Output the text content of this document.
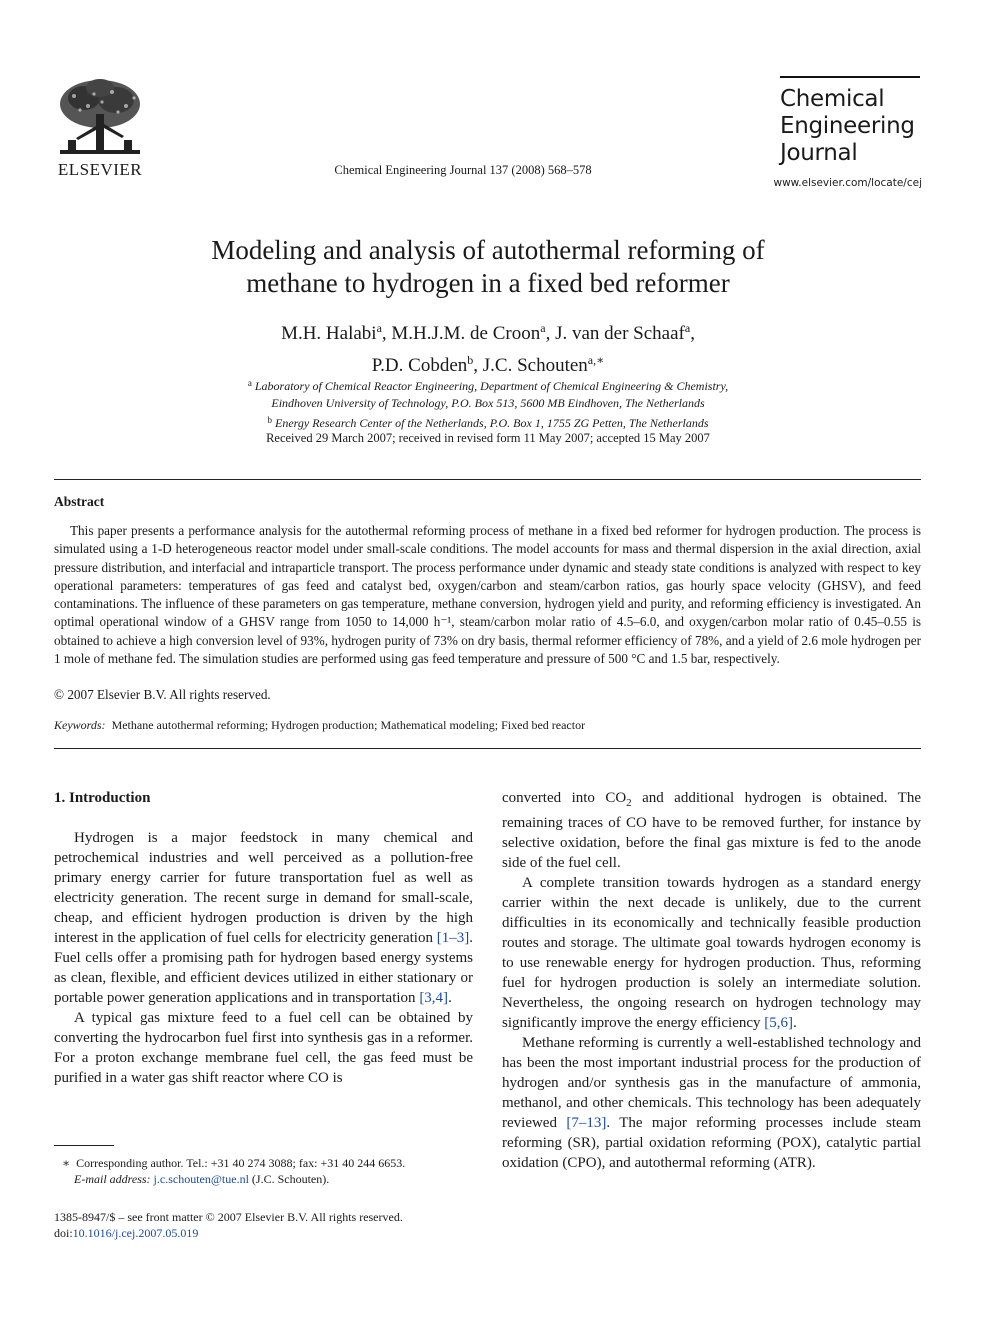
ELSEVIER	Chemical Engineering Journal 137 (2008) 568–578
Chemical
Engineering
Journal
www.elsevier.com/locate/cej
Modeling and analysis of autothermal reforming of
methane to hydrogen in a fixed bed reformer
M.H. Halabi$^a$, M.H.J.M. de Croon$^a$, J. van der Schaaf$^a$,
P.D. Cobden$^b$, J.C. Schouten$^{a,∗}$
$^a$ Laboratory of Chemical Reactor Engineering, Department of Chemical Engineering & Chemistry,
Eindhoven University of Technology, P.O. Box 513, 5600 MB Eindhoven, The Netherlands
$^b$ Energy Research Center of the Netherlands, P.O. Box 1, 1755 ZG Petten, The Netherlands
Received 29 March 2007; received in revised form 11 May 2007; accepted 15 May 2007
Abstract

This paper presents a performance analysis for the autothermal reforming process of methane in a fixed bed reformer for hydrogen production. The process is simulated using a 1-D heterogeneous reactor model under small-scale conditions. The model accounts for mass and thermal dispersion in the axial direction, axial pressure distribution, and interfacial and intraparticle transport. The process performance under dynamic and steady state conditions is analyzed with respect to key operational parameters: temperatures of gas feed and catalyst bed, oxygen/carbon and steam/carbon ratios, gas hourly space velocity (GHSV), and feed contaminations. The influence of these parameters on gas temperature, methane conversion, hydrogen yield and purity, and reforming efficiency is investigated. An optimal operational window of a GHSV range from 1050 to 14,000 h⁻¹, steam/carbon molar ratio of 4.5–6.0, and oxygen/carbon molar ratio of 0.45–0.55 is obtained to achieve a high conversion level of 93%, hydrogen purity of 73% on dry basis, thermal reformer efficiency of 78%, and a yield of 2.6 mole hydrogen per 1 mole of methane fed. The simulation studies are performed using gas feed temperature and pressure of 500 °C and 1.5 bar, respectively.

© 2007 Elsevier B.V. All rights reserved.
Keywords: Methane autothermal reforming; Hydrogen production; Mathematical modeling; Fixed bed reactor

1. Introduction

Hydrogen is a major feedstock in many chemical and petrochemical industries and well perceived as a pollution-free primary energy carrier for future transportation fuel as well as electricity generation. The recent surge in demand for small-scale, cheap, and efficient hydrogen production is driven by the high interest in the application of fuel cells for electricity generation [1–3]. Fuel cells offer a promising path for hydrogen based energy systems as clean, flexible, and efficient devices utilized in either stationary or portable power generation applications and in transportation [3,4].

A typical gas mixture feed to a fuel cell can be obtained by converting the hydrocarbon fuel first into synthesis gas in a reformer. For a proton exchange membrane fuel cell, the gas feed must be purified in a water gas shift reactor where CO is

converted into $CO_2$ and additional hydrogen is obtained. The remaining traces of CO have to be removed further, for instance by selective oxidation, before the final gas mixture is fed to the anode side of the fuel cell.

A complete transition towards hydrogen as a standard energy carrier within the next decade is unlikely, due to the current difficulties in its economically and technically feasible production routes and storage. The ultimate goal towards hydrogen economy is to use renewable energy for hydrogen production. Thus, reforming fuel for hydrogen production is solely an intermediate solution. Nevertheless, the ongoing research on hydrogen technology may significantly improve the energy efficiency [5,6].

Methane reforming is currently a well-established technology and has been the most important industrial process for the production of hydrogen and/or synthesis gas in the manufacture of ammonia, methanol, and other chemicals. This technology has been adequately reviewed [7–13]. The major reforming processes include steam reforming (SR), partial oxidation reforming (POX), catalytic partial oxidation (CPO), and autothermal reforming (ATR).

∗ Corresponding author. Tel.: +31 40 274 3088; fax: +31 40 244 6653.
E-mail address: j.c.schouten@tue.nl (J.C. Schouten).
1385-8947/$ – see front matter © 2007 Elsevier B.V. All rights reserved.
doi:10.1016/j.cej.2007.05.019
